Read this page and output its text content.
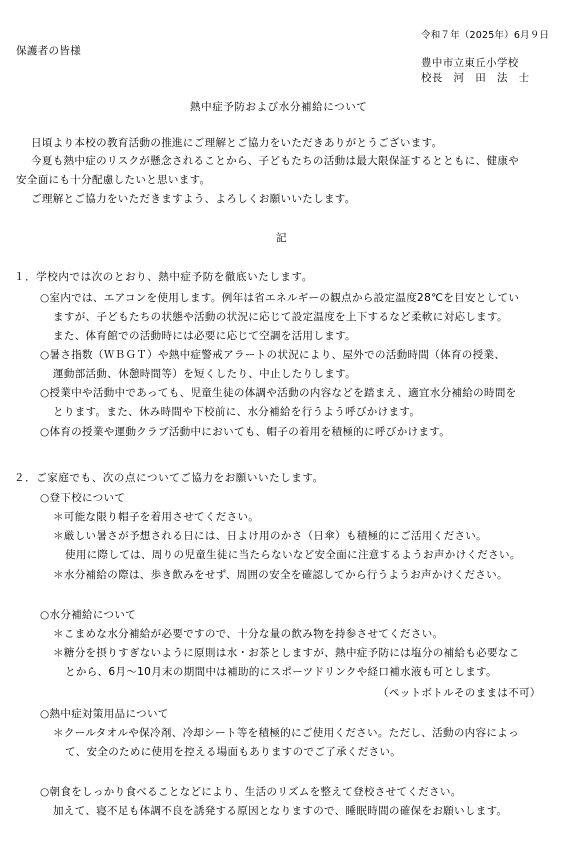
令和７年（2025年）6月９日
保護者の皆様
豊中市立東丘小学校
校長　河　田　法　士
熱中症予防および水分補給について
日頃より本校の教育活動の推進にご理解とご協力をいただきありがとうございます。
今夏も熱中症のリスクが懸念されることから、子どもたちの活動は最大限保証するとともに、健康や
安全面にも十分配慮したいと思います。
ご理解とご協力をいただきますよう、よろしくお願いいたします。
記
１．学校内では次のとおり、熱中症予防を徹底いたします。
○室内では、エアコンを使用します。例年は省エネルギーの観点から設定温度28℃を目安としてい
ますが、子どもたちの状態や活動の状況に応じて設定温度を上下するなど柔軟に対応します。
また、体育館での活動時には必要に応じて空調を活用します。
○暑さ指数（ＷＢＧＴ）や熱中症警戒アラートの状況により、屋外での活動時間（体育の授業、
運動部活動、休憩時間等）を短くしたり、中止したりします。
○授業中や活動中であっても、児童生徒の体調や活動の内容などを踏まえ、適宜水分補給の時間を
とります。また、休み時間や下校前に、水分補給を行うよう呼びかけます。
○体育の授業や運動クラブ活動中においても、帽子の着用を積極的に呼びかけます。
２．ご家庭でも、次の点についてご協力をお願いいたします。
○登下校について
＊可能な限り帽子を着用させてください。
＊厳しい暑さが予想される日には、日よけ用のかさ（日傘）も積極的にご活用ください。
使用に際しては、周りの児童生徒に当たらないなど安全面に注意するようお声かけください。
＊水分補給の際は、歩き飲みをせず、周囲の安全を確認してから行うようお声かけください。
○水分補給について
＊こまめな水分補給が必要ですので、十分な量の飲み物を持参させてください。
＊糖分を摂りすぎないように原則は水・お茶としますが、熱中症予防には塩分の補給も必要なこ
とから、6月～10月末の期間中は補助的にスポーツドリンクや経口補水液も可とします。
（ペットボトルそのままは不可）
○熱中症対策用品について
＊クールタオルや保冷剤、冷却シート等を積極的にご使用ください。ただし、活動の内容によっ
て、安全のために使用を控える場面もありますのでご了承ください。
○朝食をしっかり食べることなどにより、生活のリズムを整えて登校させてください。
加えて、寝不足も体調不良を誘発する原因となりますので、睡眠時間の確保をお願いします。
